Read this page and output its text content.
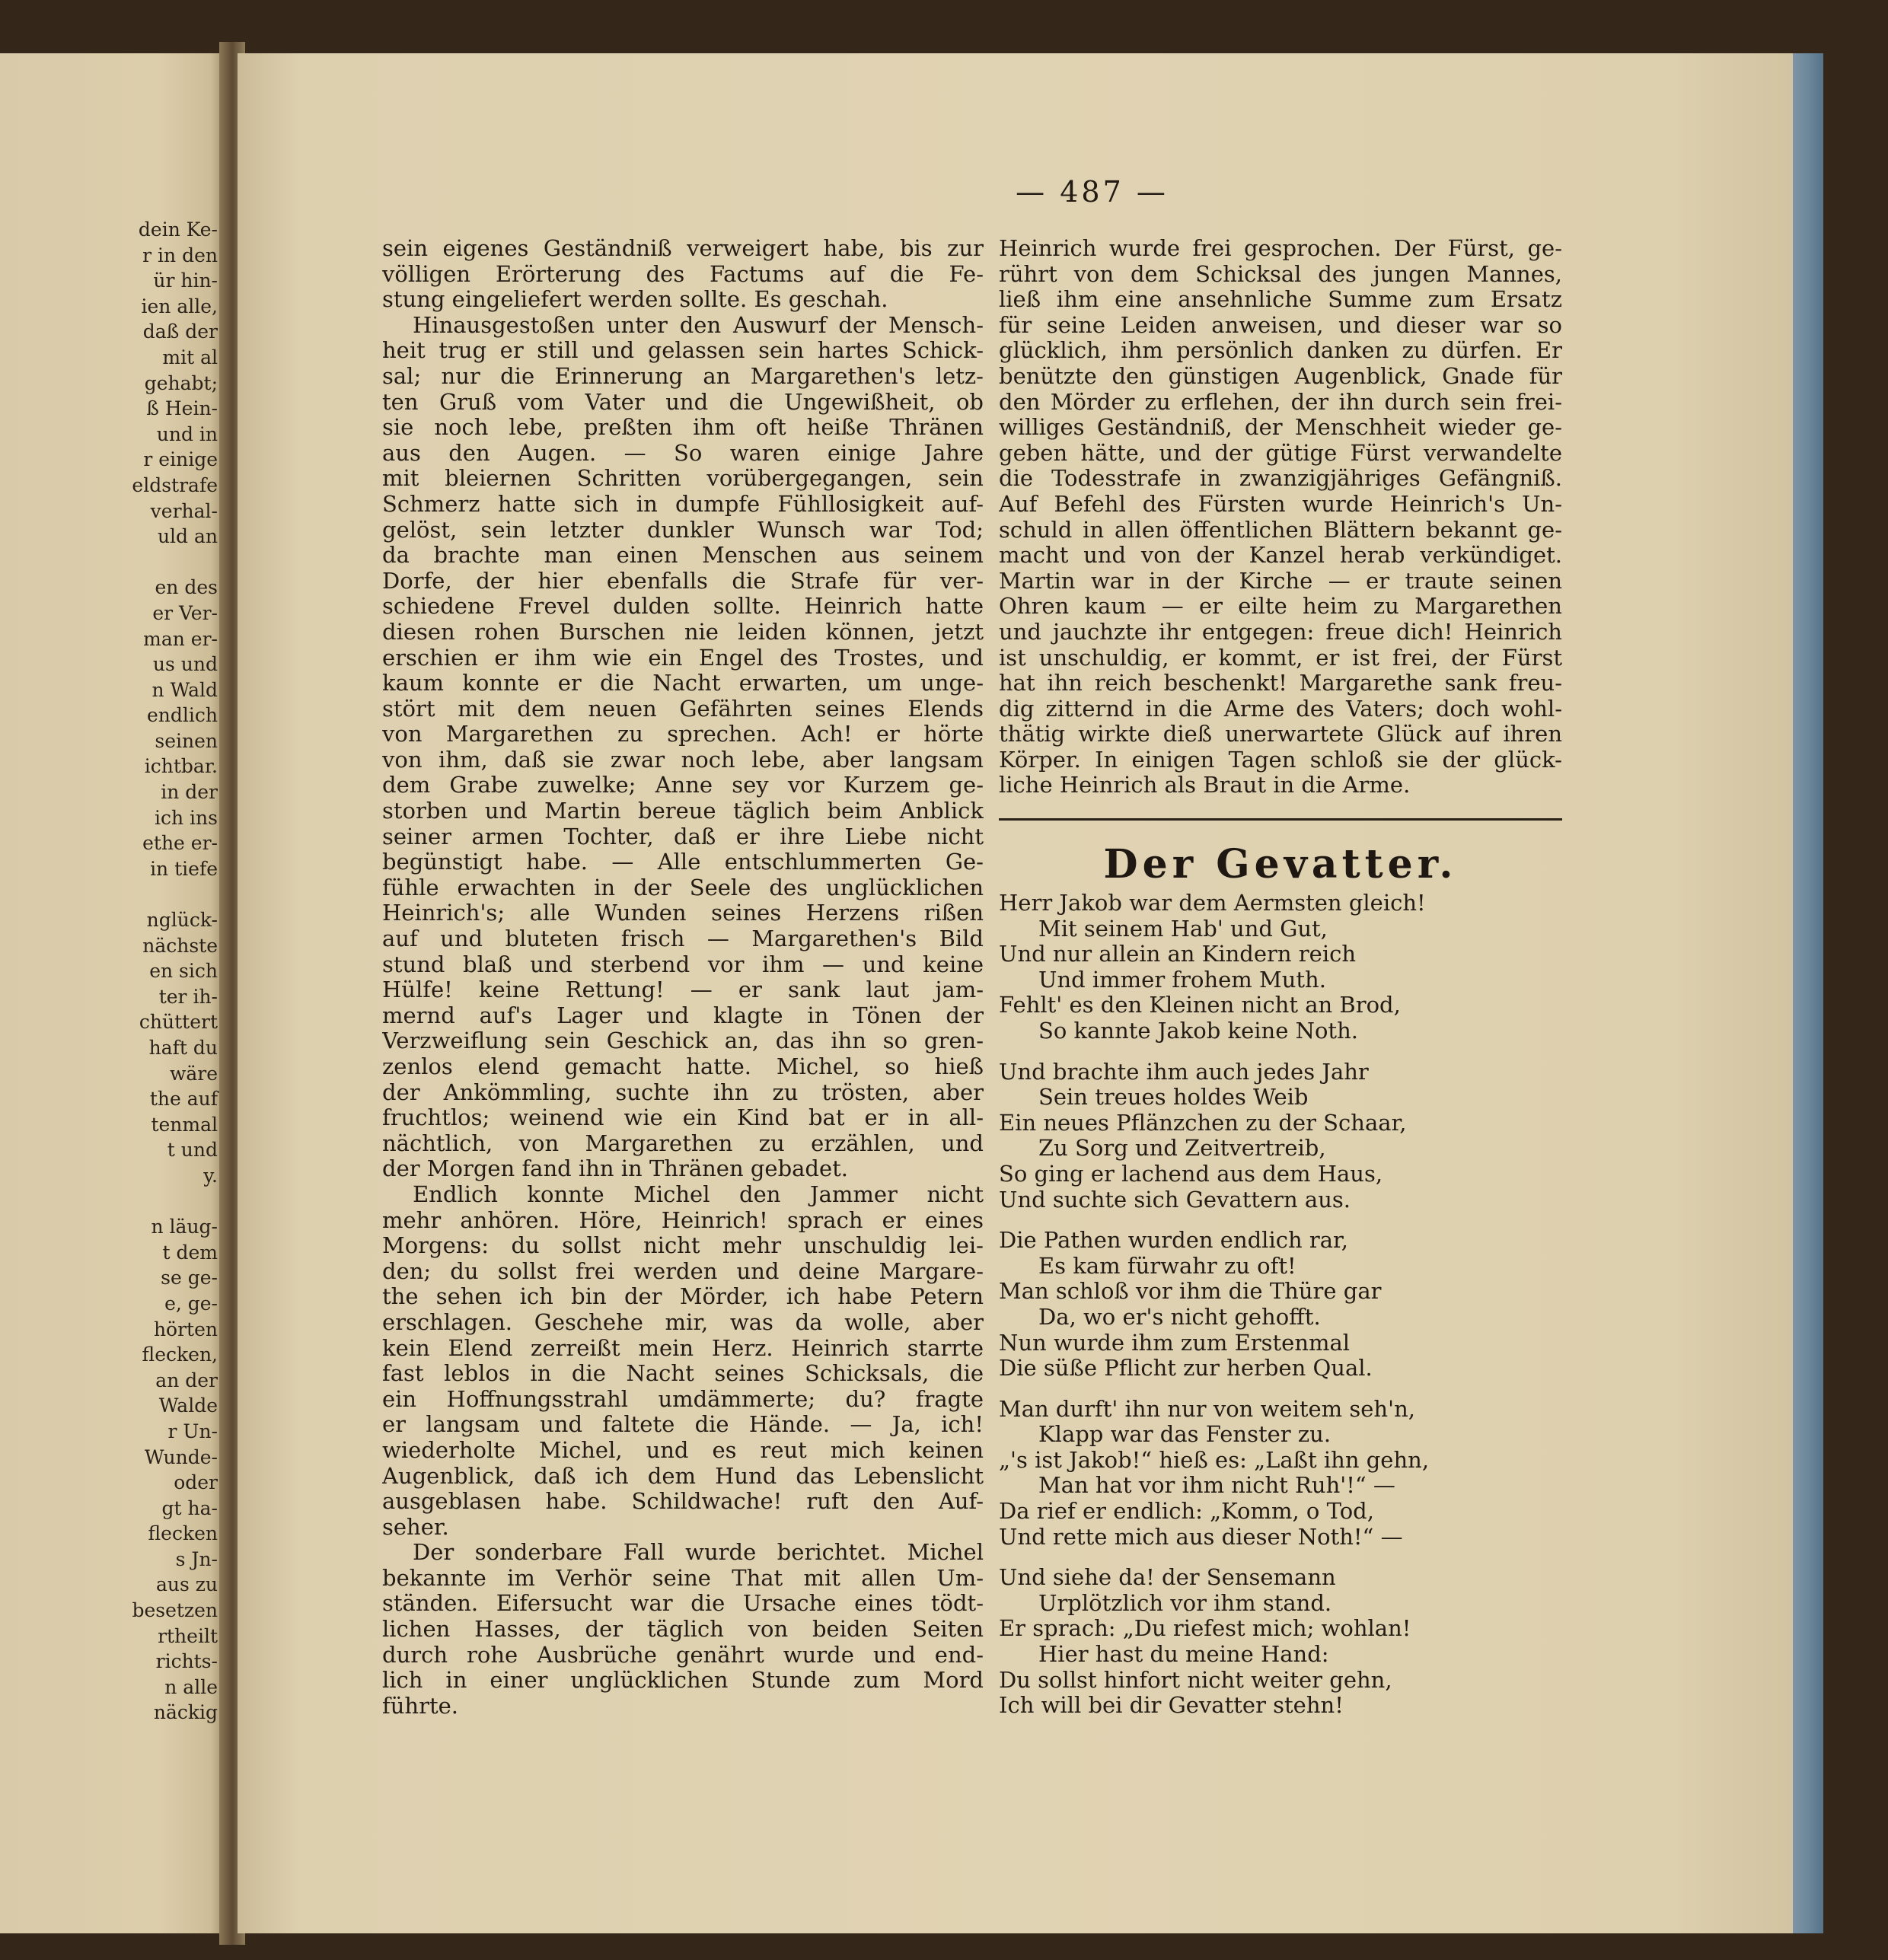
dein Ke-
r in den
ür hin-
ien alle,
daß der
mit al
gehabt;
ß Hein-
und in
r einige
eldstrafe
verhal-
uld an

en des
er Ver-
man er-
us und
n Wald
endlich
seinen
ichtbar.
in der
ich ins
ethe er-
in tiefe

nglück-
nächste
en sich
ter ih-
chüttert
haft du
wäre
the auf
tenmal
t und
y.

n läug-
t dem
se ge-
e, ge-
hörten
flecken,
an der
Walde
r Un-
Wunde-
oder
gt ha-
flecken
s Jn-
aus zu
besetzen
rtheilt
richts-
n alle
näckig
— 487 —
sein eigenes Geständniß verweigert habe, bis zur
völligen Erörterung des Factums auf die Fe-
stung eingeliefert werden sollte. Es geschah.
Hinausgestoßen unter den Auswurf der Mensch-
heit trug er still und gelassen sein hartes Schick-
sal; nur die Erinnerung an Margarethen's letz-
ten Gruß vom Vater und die Ungewißheit, ob
sie noch lebe, preßten ihm oft heiße Thränen
aus den Augen. — So waren einige Jahre
mit bleiernen Schritten vorübergegangen, sein
Schmerz hatte sich in dumpfe Fühllosigkeit auf-
gelöst, sein letzter dunkler Wunsch war Tod;
da brachte man einen Menschen aus seinem
Dorfe, der hier ebenfalls die Strafe für ver-
schiedene Frevel dulden sollte. Heinrich hatte
diesen rohen Burschen nie leiden können, jetzt
erschien er ihm wie ein Engel des Trostes, und
kaum konnte er die Nacht erwarten, um unge-
stört mit dem neuen Gefährten seines Elends
von Margarethen zu sprechen. Ach! er hörte
von ihm, daß sie zwar noch lebe, aber langsam
dem Grabe zuwelke; Anne sey vor Kurzem ge-
storben und Martin bereue täglich beim Anblick
seiner armen Tochter, daß er ihre Liebe nicht
begünstigt habe. — Alle entschlummerten Ge-
fühle erwachten in der Seele des unglücklichen
Heinrich's; alle Wunden seines Herzens rißen
auf und bluteten frisch — Margarethen's Bild
stund blaß und sterbend vor ihm — und keine
Hülfe! keine Rettung! — er sank laut jam-
mernd auf's Lager und klagte in Tönen der
Verzweiflung sein Geschick an, das ihn so gren-
zenlos elend gemacht hatte. Michel, so hieß
der Ankömmling, suchte ihn zu trösten, aber
fruchtlos; weinend wie ein Kind bat er in all-
nächtlich, von Margarethen zu erzählen, und
der Morgen fand ihn in Thränen gebadet.
Endlich konnte Michel den Jammer nicht
mehr anhören. Höre, Heinrich! sprach er eines
Morgens: du sollst nicht mehr unschuldig lei-
den; du sollst frei werden und deine Margare-
the sehen ich bin der Mörder, ich habe Petern
erschlagen. Geschehe mir, was da wolle, aber
kein Elend zerreißt mein Herz. Heinrich starrte
fast leblos in die Nacht seines Schicksals, die
ein Hoffnungsstrahl umdämmerte; du? fragte
er langsam und faltete die Hände. — Ja, ich!
wiederholte Michel, und es reut mich keinen
Augenblick, daß ich dem Hund das Lebenslicht
ausgeblasen habe. Schildwache! ruft den Auf-
seher.
Der sonderbare Fall wurde berichtet. Michel
bekannte im Verhör seine That mit allen Um-
ständen. Eifersucht war die Ursache eines tödt-
lichen Hasses, der täglich von beiden Seiten
durch rohe Ausbrüche genährt wurde und end-
lich in einer unglücklichen Stunde zum Mord
führte.
Heinrich wurde frei gesprochen. Der Fürst, ge-
rührt von dem Schicksal des jungen Mannes,
ließ ihm eine ansehnliche Summe zum Ersatz
für seine Leiden anweisen, und dieser war so
glücklich, ihm persönlich danken zu dürfen. Er
benützte den günstigen Augenblick, Gnade für
den Mörder zu erflehen, der ihn durch sein frei-
williges Geständniß, der Menschheit wieder ge-
geben hätte, und der gütige Fürst verwandelte
die Todesstrafe in zwanzigjähriges Gefängniß.
Auf Befehl des Fürsten wurde Heinrich's Un-
schuld in allen öffentlichen Blättern bekannt ge-
macht und von der Kanzel herab verkündiget.
Martin war in der Kirche — er traute seinen
Ohren kaum — er eilte heim zu Margarethen
und jauchzte ihr entgegen: freue dich! Heinrich
ist unschuldig, er kommt, er ist frei, der Fürst
hat ihn reich beschenkt! Margarethe sank freu-
dig zitternd in die Arme des Vaters; doch wohl-
thätig wirkte dieß unerwartete Glück auf ihren
Körper. In einigen Tagen schloß sie der glück-
liche Heinrich als Braut in die Arme.
Der Gevatter.
Herr Jakob war dem Aermsten gleich!
Mit seinem Hab' und Gut,
Und nur allein an Kindern reich
Und immer frohem Muth.
Fehlt' es den Kleinen nicht an Brod,
So kannte Jakob keine Noth.
Und brachte ihm auch jedes Jahr
Sein treues holdes Weib
Ein neues Pflänzchen zu der Schaar,
Zu Sorg und Zeitvertreib,
So ging er lachend aus dem Haus,
Und suchte sich Gevattern aus.
Die Pathen wurden endlich rar,
Es kam fürwahr zu oft!
Man schloß vor ihm die Thüre gar
Da, wo er's nicht gehofft.
Nun wurde ihm zum Erstenmal
Die süße Pflicht zur herben Qual.
Man durft' ihn nur von weitem seh'n,
Klapp war das Fenster zu.
„'s ist Jakob!“ hieß es: „Laßt ihn gehn,
Man hat vor ihm nicht Ruh'!“ —
Da rief er endlich: „Komm, o Tod,
Und rette mich aus dieser Noth!“ —
Und siehe da! der Sensemann
Urplötzlich vor ihm stand.
Er sprach: „Du riefest mich; wohlan!
Hier hast du meine Hand:
Du sollst hinfort nicht weiter gehn,
Ich will bei dir Gevatter stehn!
